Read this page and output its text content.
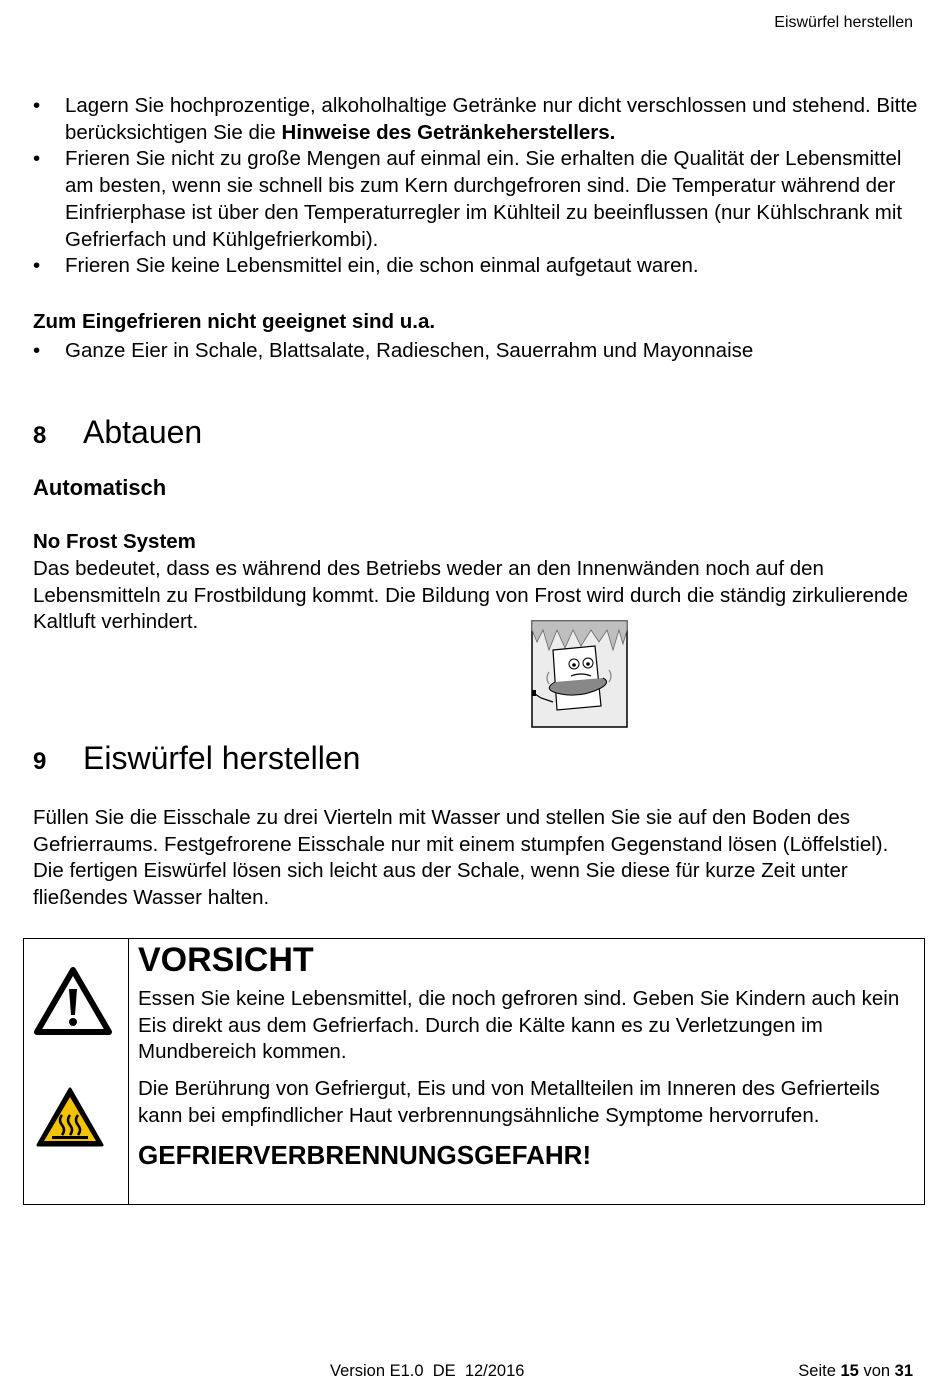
Eiswürfel herstellen
• Lagern Sie hochprozentige, alkoholhaltige Getränke nur dicht verschlossen und stehend. Bitte berücksichtigen Sie die Hinweise des Getränkeherstellers.
• Frieren Sie nicht zu große Mengen auf einmal ein. Sie erhalten die Qualität der Lebensmittel am besten, wenn sie schnell bis zum Kern durchgefroren sind. Die Temperatur während der Einfrierphase ist über den Temperaturregler im Kühlteil zu beeinflussen (nur Kühlschrank mit Gefrierfach und Kühlgefrierkombi).
• Frieren Sie keine Lebensmittel ein, die schon einmal aufgetaut waren.
Zum Eingefrieren nicht geeignet sind u.a.
• Ganze Eier in Schale, Blattsalate, Radieschen, Sauerrahm und Mayonnaise
8 Abtauen
Automatisch
No Frost System
Das bedeutet, dass es während des Betriebs weder an den Innenwänden noch auf den Lebensmitteln zu Frostbildung kommt. Die Bildung von Frost wird durch die ständig zirkulierende Kaltluft verhindert.
9 Eiswürfel herstellen
Füllen Sie die Eisschale zu drei Vierteln mit Wasser und stellen Sie sie auf den Boden des Gefrierraums. Festgefrorene Eisschale nur mit einem stumpfen Gegenstand lösen (Löffelstiel). Die fertigen Eiswürfel lösen sich leicht aus der Schale, wenn Sie diese für kurze Zeit unter fließendes Wasser halten.
VORSICHT
Essen Sie keine Lebensmittel, die noch gefroren sind. Geben Sie Kindern auch kein Eis direkt aus dem Gefrierfach. Durch die Kälte kann es zu Verletzungen im Mundbereich kommen.
Die Berührung von Gefriergut, Eis und von Metallteilen im Inneren des Gefrierteils kann bei empfindlicher Haut verbrennungsähnliche Symptome hervorrufen.
GEFRIERVERBRENNUNGSGEFAHR!
Version E1.0  DE  12/2016	Seite 15 von 31
